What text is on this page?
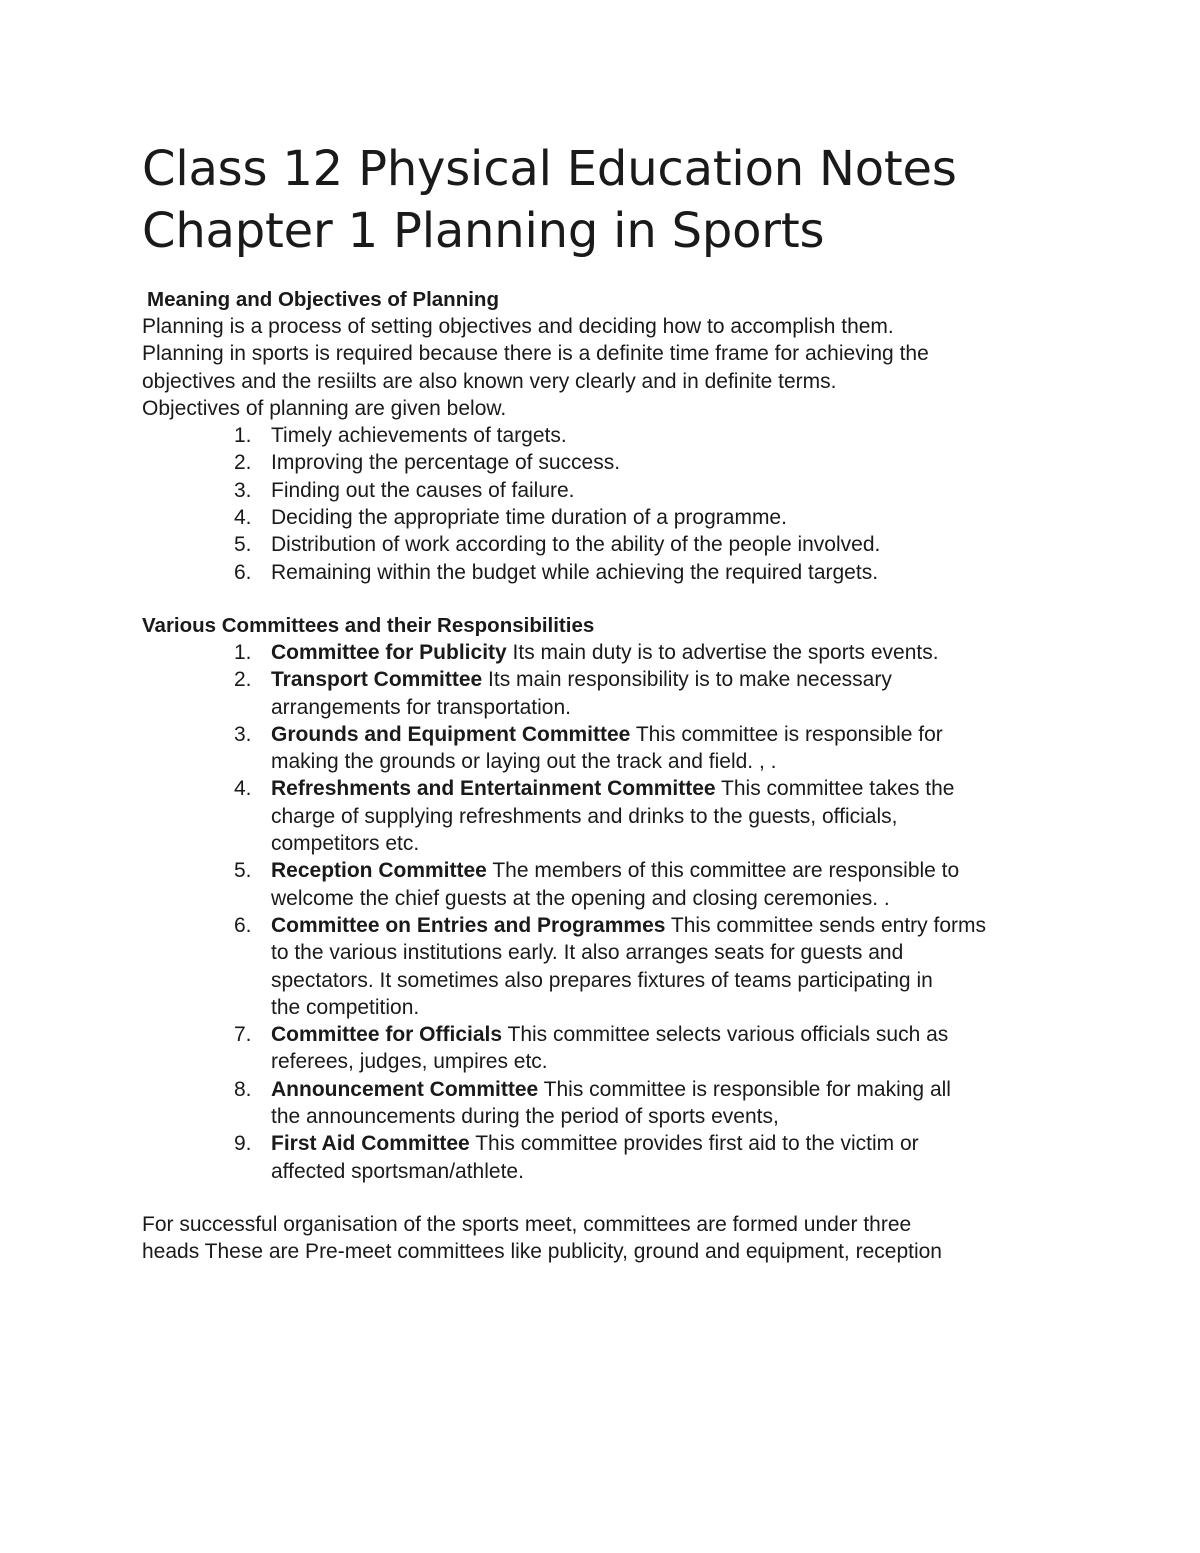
Class 12 Physical Education Notes
Chapter 1 Planning in Sports
Meaning and Objectives of Planning

Planning is a process of setting objectives and deciding how to accomplish them.
Planning in sports is required because there is a definite time frame for achieving the
objectives and the resiilts are also known very clearly and in definite terms.
Objectives of planning are given below.

1. Timely achievements of targets.
2. Improving the percentage of success.
3. Finding out the causes of failure.
4. Deciding the appropriate time duration of a programme.
5. Distribution of work according to the ability of the people involved.
6. Remaining within the budget while achieving the required targets.
Various Committees and their Responsibilities
1. Committee for Publicity Its main duty is to advertise the sports events.
2. Transport Committee Its main responsibility is to make necessary
arrangements for transportation.
3. Grounds and Equipment Committee This committee is responsible for
making the grounds or laying out the track and field. , .
4. Refreshments and Entertainment Committee This committee takes the
charge of supplying refreshments and drinks to the guests, officials,
competitors etc.
5. Reception Committee The members of this committee are responsible to
welcome the chief guests at the opening and closing ceremonies. .
6. Committee on Entries and Programmes This committee sends entry forms
to the various institutions early. It also arranges seats for guests and
spectators. It sometimes also prepares fixtures of teams participating in
the competition.
7. Committee for Officials This committee selects various officials such as
referees, judges, umpires etc.
8. Announcement Committee This committee is responsible for making all
the announcements during the period of sports events,
9. First Aid Committee This committee provides first aid to the victim or
affected sportsman/athlete.

For successful organisation of the sports meet, committees are formed under three
heads These are Pre-meet committees like publicity, ground and equipment, reception
